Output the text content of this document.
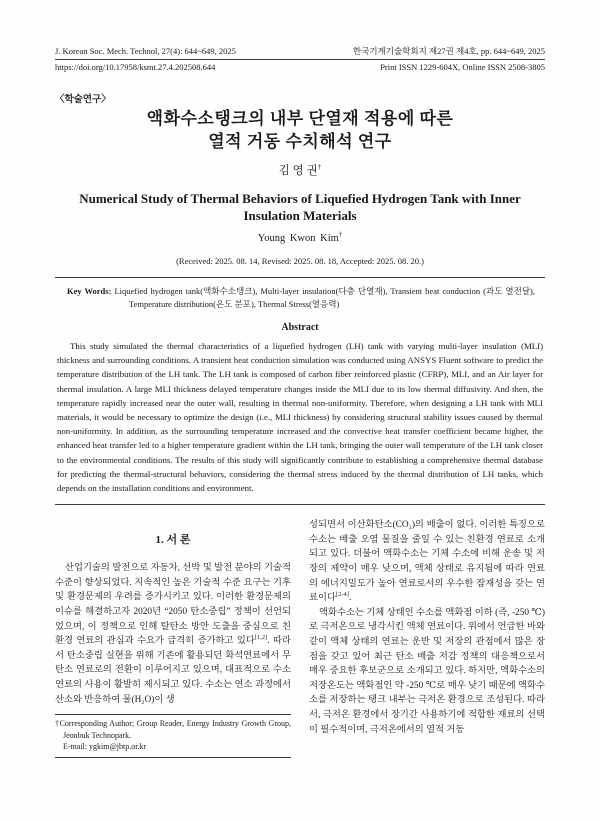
J. Korean Soc. Mech. Technol, 27(4): 644~649, 2025	한국기계기술학회지 제27권 제4호, pp. 644~649, 2025
https://doi.org/10.17958/ksmt.27.4.202508.644	Print ISSN 1229-604X, Online ISSN 2508-3805
〈학술연구〉
액화수소탱크의 내부 단열재 적용에 따른
열적 거동 수치해석 연구
김 영 권†
Numerical Study of Thermal Behaviors of Liquefied Hydrogen Tank with Inner
Insulation Materials
Young Kwon Kim†
(Received: 2025. 08. 14, Revised: 2025. 08. 18, Accepted: 2025. 08. 20.)
Key Words: Liquefied hydrogen tank(액화수소탱크), Multi-layer insulation(다층 단열재), Transient heat conduction (과도 열전달), Temperature distribution(온도 분포), Thermal Stress(열응력)
Abstract

This study simulated the thermal characteristics of a liquefied hydrogen (LH) tank with varying multi-layer insulation (MLI) thickness and surrounding conditions. A transient heat conduction simulation was conducted using ANSYS Fluent software to predict the temperature distribution of the LH tank. The LH tank is composed of carbon fiber reinforced plastic (CFRP), MLI, and an Air layer for thermal insulation. A large MLI thickness delayed temperature changes inside the MLI due to its low thermal diffusivity. And then, the temperature rapidly increased near the outer wall, resulting in thermal non-uniformity. Therefore, when designing a LH tank with MLI materials, it would be necessary to optimize the design (i.e., MLI thickness) by considering structural stability issues caused by thermal non-uniformity. In addition, as the surrounding temperature increased and the convective heat transfer coefficient became higher, the enhanced heat transfer led to a higher temperature gradient within the LH tank, bringing the outer wall temperature of the LH tank closer to the environmental conditions. The results of this study will significantly contribute to establishing a comprehensive thermal database for predicting the thermal-structural behaviors, considering the thermal stress induced by the thermal distribution of LH tanks, which depends on the installation conditions and environment.

1. 서 론

산업기술의 발전으로 자동차, 선박 및 발전 분야의 기술적 수준이 향상되었다. 지속적인 높은 기술적 수준 요구는 기후 및 환경문제의 우려를 증가시키고 있다. 이러한 환경문제의 이슈를 해결하고자 2020년 “2050 탄소중립” 정책이 선언되었으며, 이 정책으로 인해 탈탄소 방안 도출을 중심으로 친환경 연료의 관심과 수요가 급격히 증가하고 있다[1,2]. 따라서 탄소중립 실현을 위해 기존에 활용되던 화석연료에서 무탄소 연료로의 전환이 이루어지고 있으며, 대표적으로 수소 연료의 사용이 활발히 제시되고 있다. 수소는 연소 과정에서 산소와 반응하여 물(H₂O)이 생

†Corresponding Author; Group Reader, Energy Industry Growth Group, Jeonbuk Technopark.
E-mail: ygkim@jbtp.or.kr

성되면서 이산화탄소(CO₂)의 배출이 없다. 이러한 특징으로 수소는 배출 오염 물질을 줄일 수 있는 친환경 연료로 소개되고 있다. 더불어 액화수소는 기체 수소에 비해 운송 및 저장의 제약이 매우 낮으며, 액체 상태로 유지됨에 따라 연료의 에너지밀도가 높아 연료로서의 우수한 잠재성을 갖는 연료이다[2-4].

액화수소는 기체 상태인 수소를 액화점 이하 (즉, -250 ℃)로 극저온으로 냉각시킨 액체 연료이다. 위에서 언급한 바와 같이 액체 상태의 연료는 운반 및 저장의 관점에서 많은 장점을 갖고 있어 최근 탄소 배출 저감 정책의 대응책으로서 매우 중요한 후보군으로 소개되고 있다. 하지만, 액화수소의 저장온도는 액화점인 약 -250 ℃로 매우 낮기 때문에 액화수소를 저장하는 탱크 내부는 극저온 환경으로 조성된다. 따라서, 극저온 환경에서 장기간 사용하기에 적합한 재료의 선택이 필수적이며, 극저온에서의 열적 거동
